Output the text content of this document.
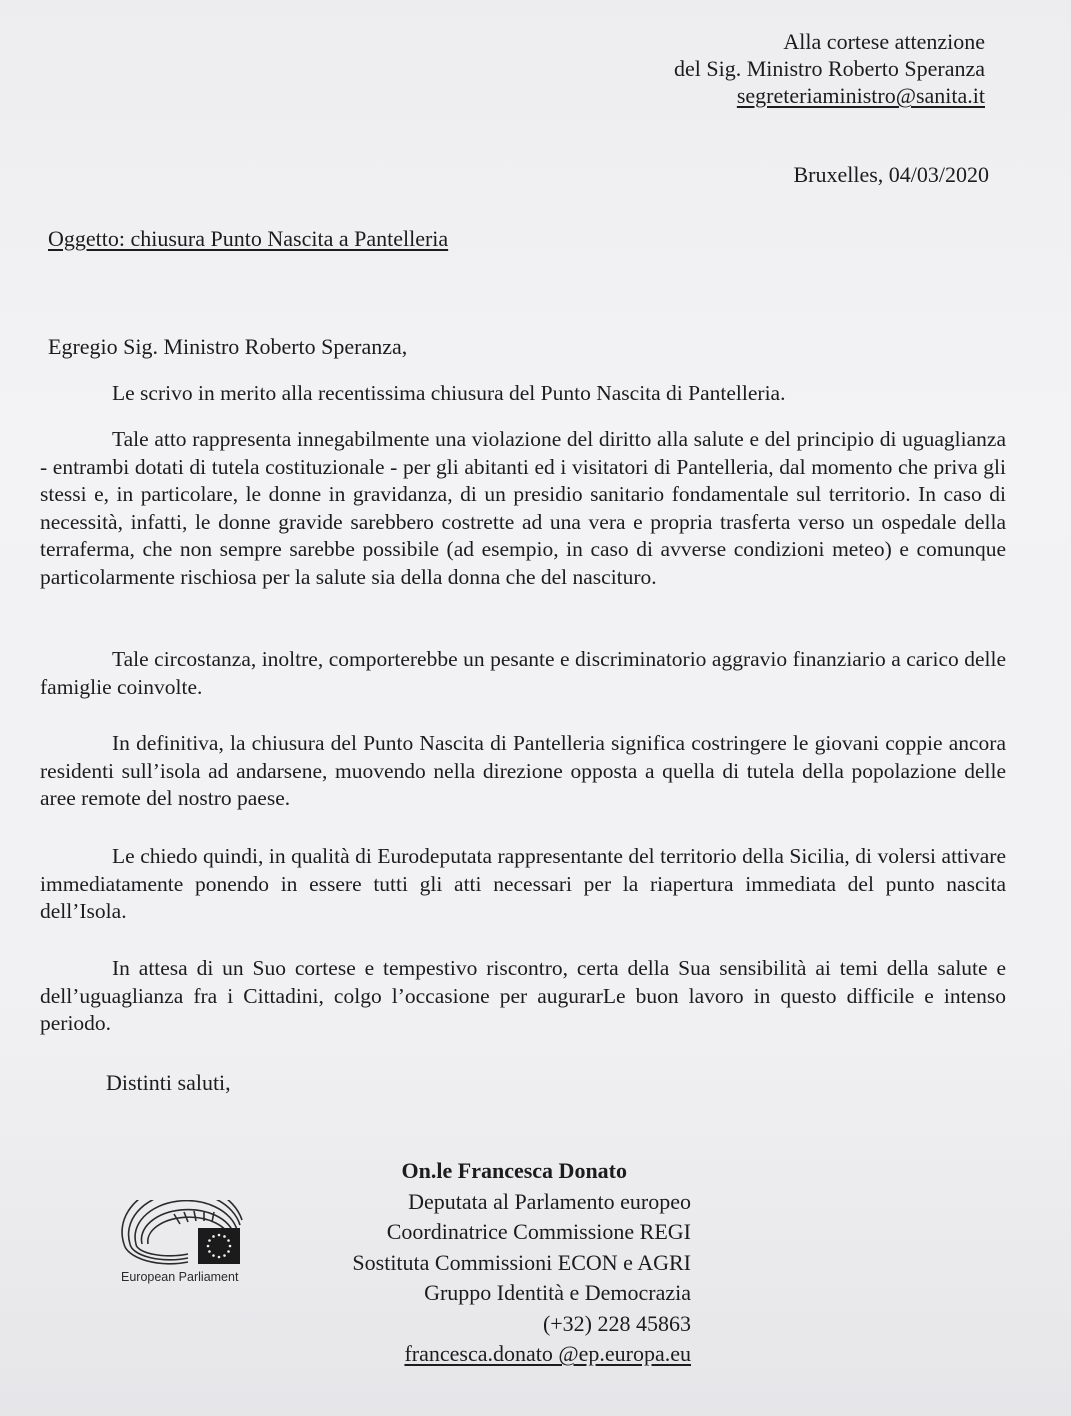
Alla cortese attenzione
del Sig. Ministro Roberto Speranza
segreteriaministro@sanita.it
Bruxelles, 04/03/2020
Oggetto: chiusura Punto Nascita a Pantelleria
Egregio Sig. Ministro Roberto Speranza,
Le scrivo in merito alla recentissima chiusura del Punto Nascita di Pantelleria.
Tale atto rappresenta innegabilmente una violazione del diritto alla salute e del principio di uguaglianza - entrambi dotati di tutela costituzionale - per gli abitanti ed i visitatori di Pantelleria, dal momento che priva gli stessi e, in particolare, le donne in gravidanza, di un presidio sanitario fondamentale sul territorio. In caso di necessità, infatti, le donne gravide sarebbero costrette ad una vera e propria trasferta verso un ospedale della terraferma, che non sempre sarebbe possibile (ad esempio, in caso di avverse condizioni meteo) e comunque particolarmente rischiosa per la salute sia della donna che del nascituro.
Tale circostanza, inoltre, comporterebbe un pesante e discriminatorio aggravio finanziario a carico delle famiglie coinvolte.
In definitiva, la chiusura del Punto Nascita di Pantelleria significa costringere le giovani coppie ancora residenti sull’isola ad andarsene, muovendo nella direzione opposta a quella di tutela della popolazione delle aree remote del nostro paese.
Le chiedo quindi, in qualità di Eurodeputata rappresentante del territorio della Sicilia, di volersi attivare immediatamente ponendo in essere tutti gli atti necessari per la riapertura immediata del punto nascita dell’Isola.
In attesa di un Suo cortese e tempestivo riscontro, certa della Sua sensibilità ai temi della salute e dell’uguaglianza fra i Cittadini, colgo l’occasione per augurarLe buon lavoro in questo difficile e intenso periodo.
Distinti saluti,
European Parliament
On.le Francesca Donato
Deputata al Parlamento europeo
Coordinatrice Commissione REGI
Sostituta Commissioni ECON e AGRI
Gruppo Identità e Democrazia
(+32) 228 45863
francesca.donato @ep.europa.eu
